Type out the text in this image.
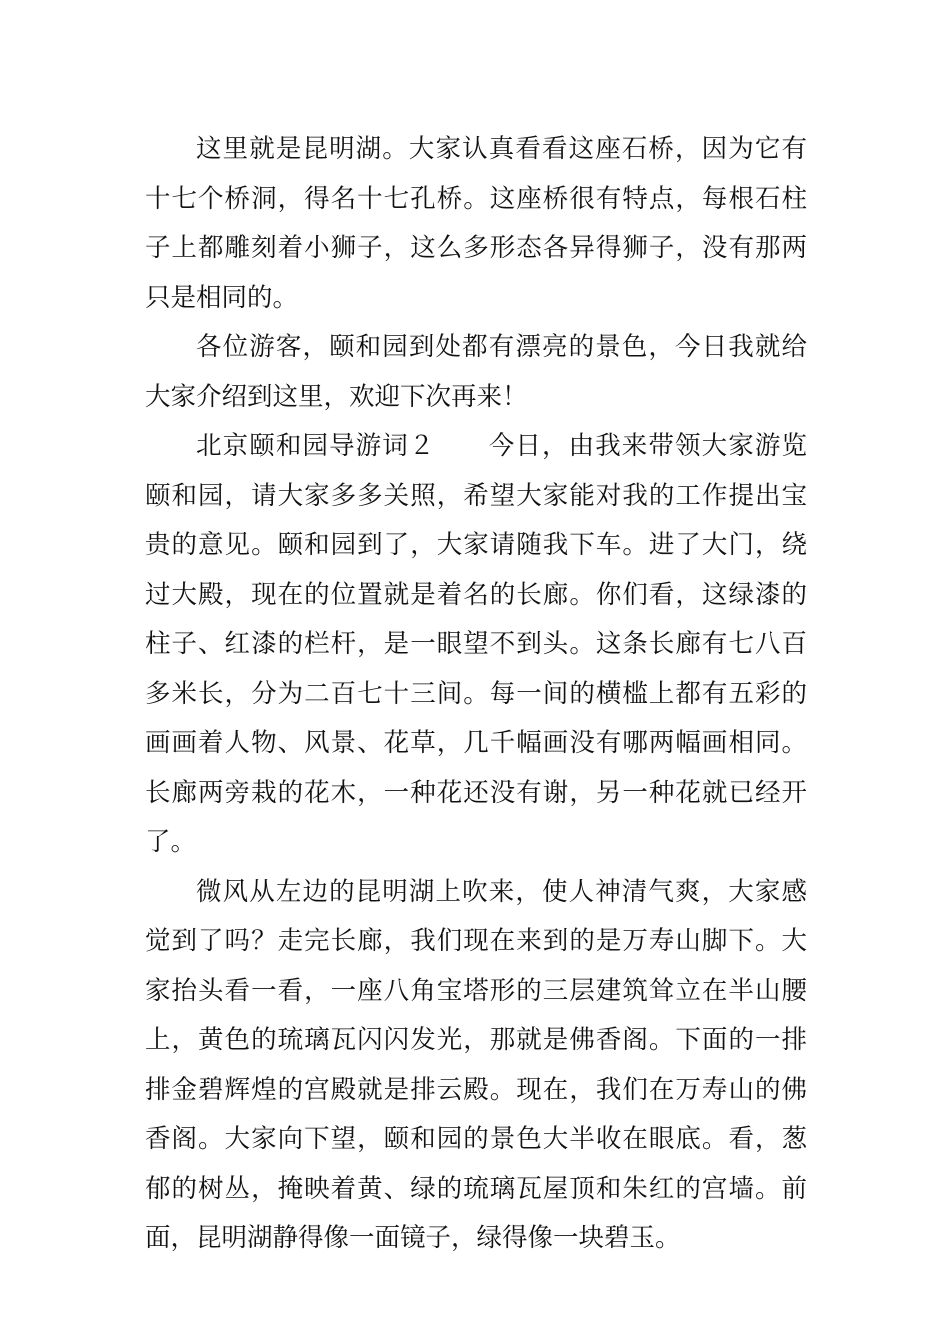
这里就是昆明湖。大家认真看看这座石桥，因为它有十七个桥洞，得名十七孔桥。这座桥很有特点，每根石柱子上都雕刻着小狮子，这么多形态各异得狮子，没有那两只是相同的。

各位游客，颐和园到处都有漂亮的景色，今日我就给大家介绍到这里，欢迎下次再来！

北京颐和园导游词２　　今日，由我来带领大家游览颐和园，请大家多多关照，希望大家能对我的工作提出宝贵的意见。颐和园到了，大家请随我下车。进了大门，绕过大殿，现在的位置就是着名的长廊。你们看，这绿漆的柱子、红漆的栏杆，是一眼望不到头。这条长廊有七八百多米长，分为二百七十三间。每一间的横槛上都有五彩的画画着人物、风景、花草，几千幅画没有哪两幅画相同。长廊两旁栽的花木，一种花还没有谢，另一种花就已经开了。

微风从左边的昆明湖上吹来，使人神清气爽，大家感觉到了吗？走完长廊，我们现在来到的是万寿山脚下。大家抬头看一看，一座八角宝塔形的三层建筑耸立在半山腰上，黄色的琉璃瓦闪闪发光，那就是佛香阁。下面的一排排金碧辉煌的宫殿就是排云殿。现在，我们在万寿山的佛香阁。大家向下望，颐和园的景色大半收在眼底。看，葱郁的树丛，掩映着黄、绿的琉璃瓦屋顶和朱红的宫墙。前面，昆明湖静得像一面镜子，绿得像一块碧玉。
